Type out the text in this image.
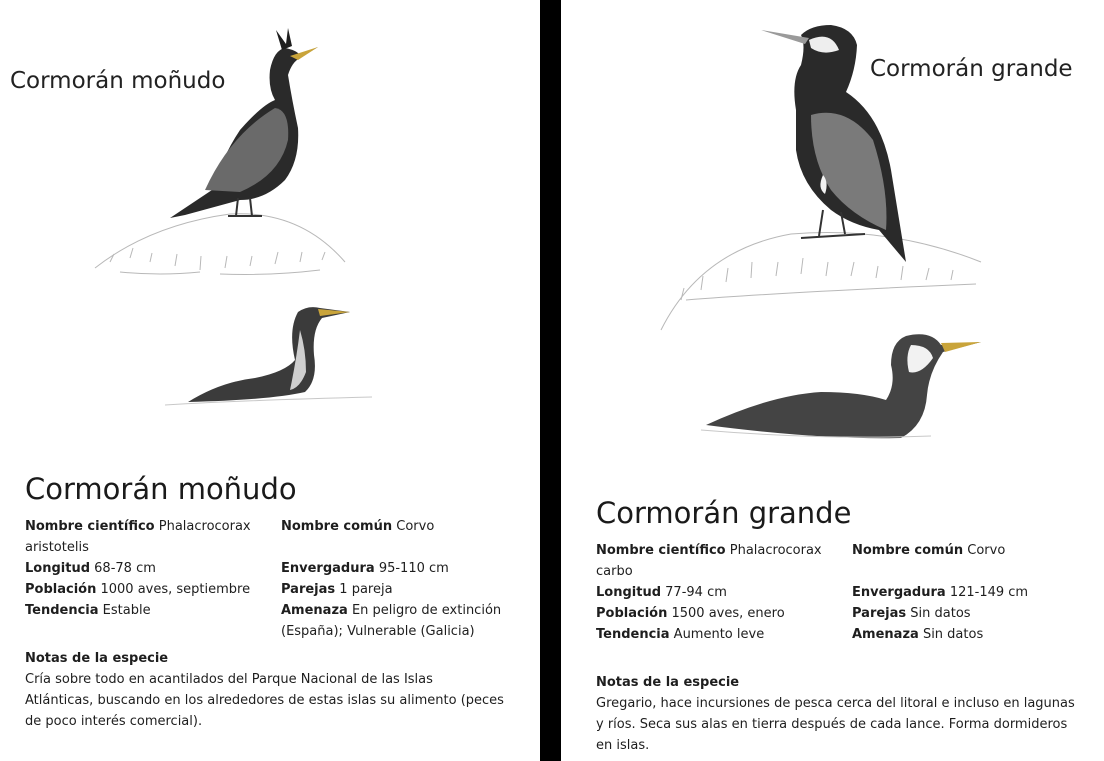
Cormorán moñudo
Cormorán moñudo
Nombre científico Phalacrocorax aristotelis
Longitud 68-78 cm
Población 1000 aves, septiembre
Tendencia Estable
Nombre común Corvo
Envergadura 95-110 cm
Parejas 1 pareja
Amenaza En peligro de extinción (España); Vulnerable (Galicia)
Notas de la especie
Cría sobre todo en acantilados del Parque Nacional de las Islas Atlánticas, buscando en los alrededores de estas islas su alimento (peces de poco interés comercial).
Cormorán grande
Cormorán grande
Nombre científico Phalacrocorax carbo
Longitud 77-94 cm
Población 1500 aves, enero
Tendencia Aumento leve
Nombre común Corvo
Envergadura 121-149 cm
Parejas Sin datos
Amenaza Sin datos
Notas de la especie
Gregario, hace incursiones de pesca cerca del litoral e incluso en lagunas y ríos. Seca sus alas en tierra después de cada lance. Forma dormideros en islas.
